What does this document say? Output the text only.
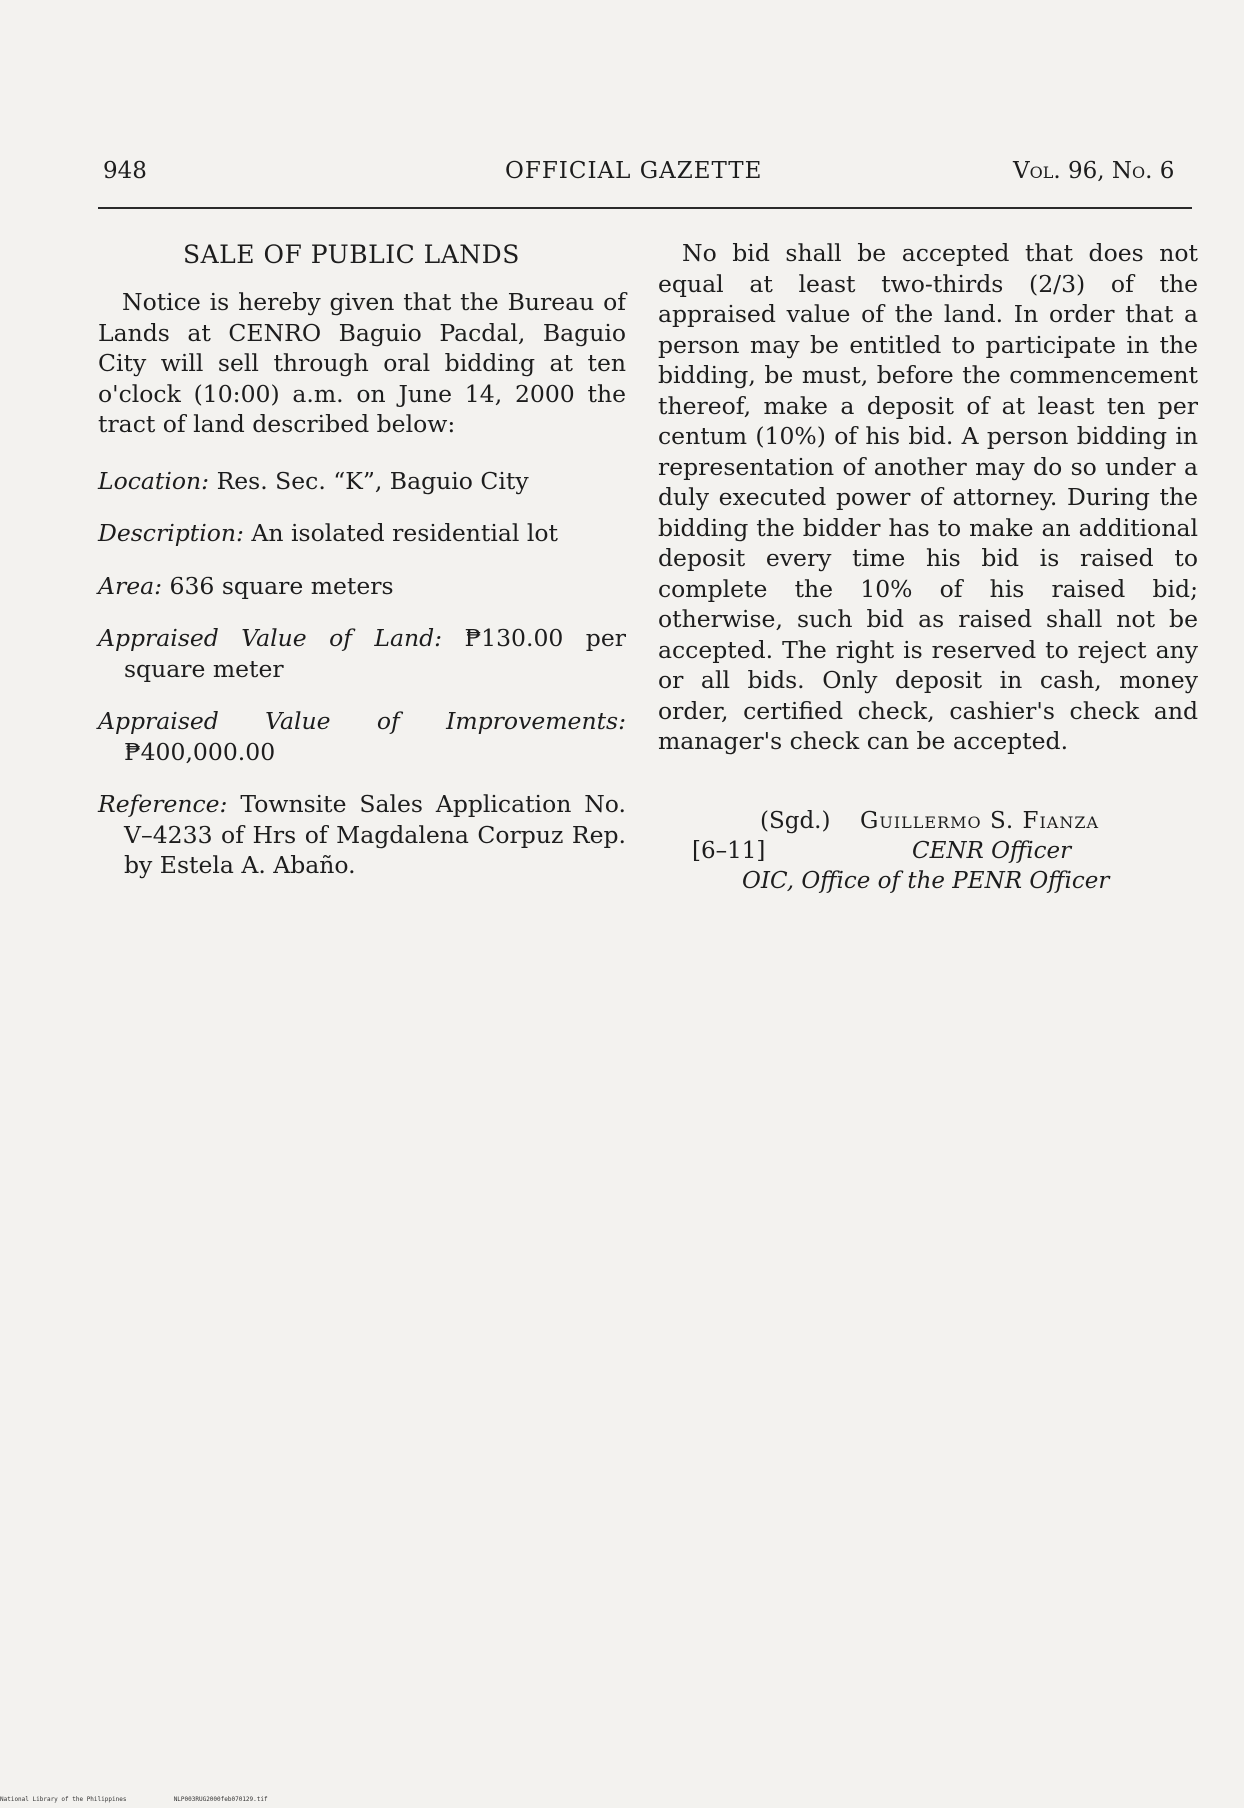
948	OFFICIAL GAZETTE	Vol. 96, No. 6
SALE OF PUBLIC LANDS

Notice is hereby given that the Bureau of Lands at CENRO Baguio Pacdal, Baguio City will sell through oral bidding at ten o'clock (10:00) a.m. on June 14, 2000 the tract of land described below:

Location: Res. Sec. “K”, Baguio City

Description: An isolated residential lot

Area: 636 square meters

Appraised Value of Land: ₱130.00 per square meter

Appraised Value of Improvements: ₱400,000.00

Reference: Townsite Sales Application No. V–4233 of Hrs of Magdalena Corpuz Rep. by Estela A. Abaño.

No bid shall be accepted that does not equal at least two-thirds (2/3) of the appraised value of the land. In order that a person may be entitled to participate in the bidding, be must, before the commencement thereof, make a deposit of at least ten per centum (10%) of his bid. A person bidding in representation of another may do so under a duly executed power of attorney. During the bidding the bidder has to make an additional deposit every time his bid is raised to complete the 10% of his raised bid; otherwise, such bid as raised shall not be accepted. The right is reserved to reject any or all bids. Only deposit in cash, money order, certified check, cashier's check and manager's check can be accepted.

(Sgd.) Guillermo S. Fianza
[6–11]	CENR Officer
OIC, Office of the PENR Officer
National Library of the Philippines	NLP003RUG2000feb070129.tif
